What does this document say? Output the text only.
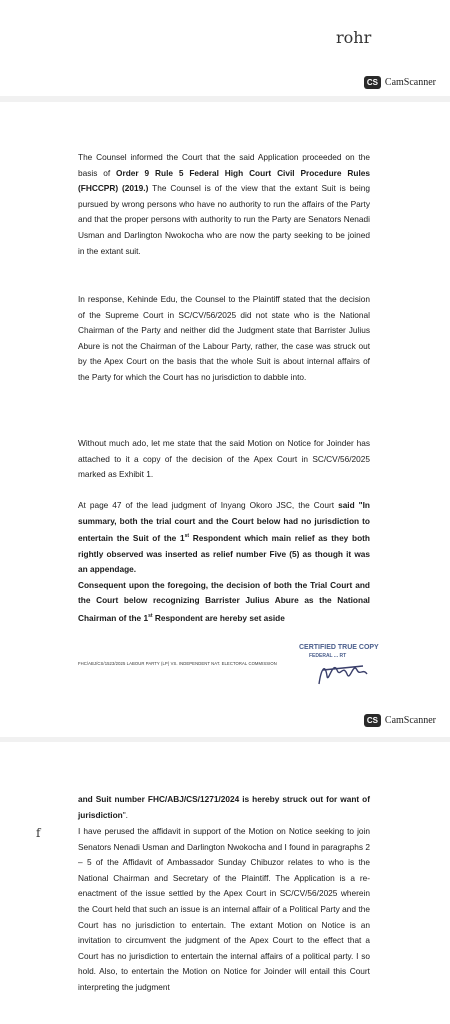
rohr
CS CamScanner
The Counsel informed the Court that the said Application proceeded on the basis of Order 9 Rule 5 Federal High Court Civil Procedure Rules (FHCCPR) (2019.) The Counsel is of the view that the extant Suit is being pursued by wrong persons who have no authority to run the affairs of the Party and that the proper persons with authority to run the Party are Senators Nenadi Usman and Darlington Nwokocha who are now the party seeking to be joined in the extant suit.
In response, Kehinde Edu, the Counsel to the Plaintiff stated that the decision of the Supreme Court in SC/CV/56/2025 did not state who is the National Chairman of the Party and neither did the Judgment state that Barrister Julius Abure is not the Chairman of the Labour Party, rather, the case was struck out by the Apex Court on the basis that the whole Suit is about internal affairs of the Party for which the Court has no jurisdiction to dabble into.
Without much ado, let me state that the said Motion on Notice for Joinder has attached to it a copy of the decision of the Apex Court in SC/CV/56/2025 marked as Exhibit 1.
At page 47 of the lead judgment of Inyang Okoro JSC, the Court said "In summary, both the trial court and the Court below had no jurisdiction to entertain the Suit of the 1st Respondent which main relief as they both rightly observed was inserted as relief number Five (5) as though it was an appendage.
Consequent upon the foregoing, the decision of both the Trial Court and the Court below recognizing Barrister Julius Abure as the National Chairman of the 1st Respondent are hereby set aside
FHC/ABJ/CS/1523/2025 LABOUR PARTY (LP) VS. INDEPENDENT NAT. ELECTORAL COMMISSION
CERTIFIED TRUE COPY
FEDERAL ... RT
CS CamScanner
f
and Suit number FHC/ABJ/CS/1271/2024 is hereby struck out for want of jurisdiction".
I have perused the affidavit in support of the Motion on Notice seeking to join Senators Nenadi Usman and Darlington Nwokocha and I found in paragraphs 2 – 5 of the Affidavit of Ambassador Sunday Chibuzor relates to who is the National Chairman and Secretary of the Plaintiff. The Application is a re-enactment of the issue settled by the Apex Court in SC/CV/56/2025 wherein the Court held that such an issue is an internal affair of a Political Party and the Court has no jurisdiction to entertain. The extant Motion on Notice is an invitation to circumvent the judgment of the Apex Court to the effect that a Court has no jurisdiction to entertain the internal affairs of a political party. I so hold. Also, to entertain the Motion on Notice for Joinder will entail this Court interpreting the judgment
